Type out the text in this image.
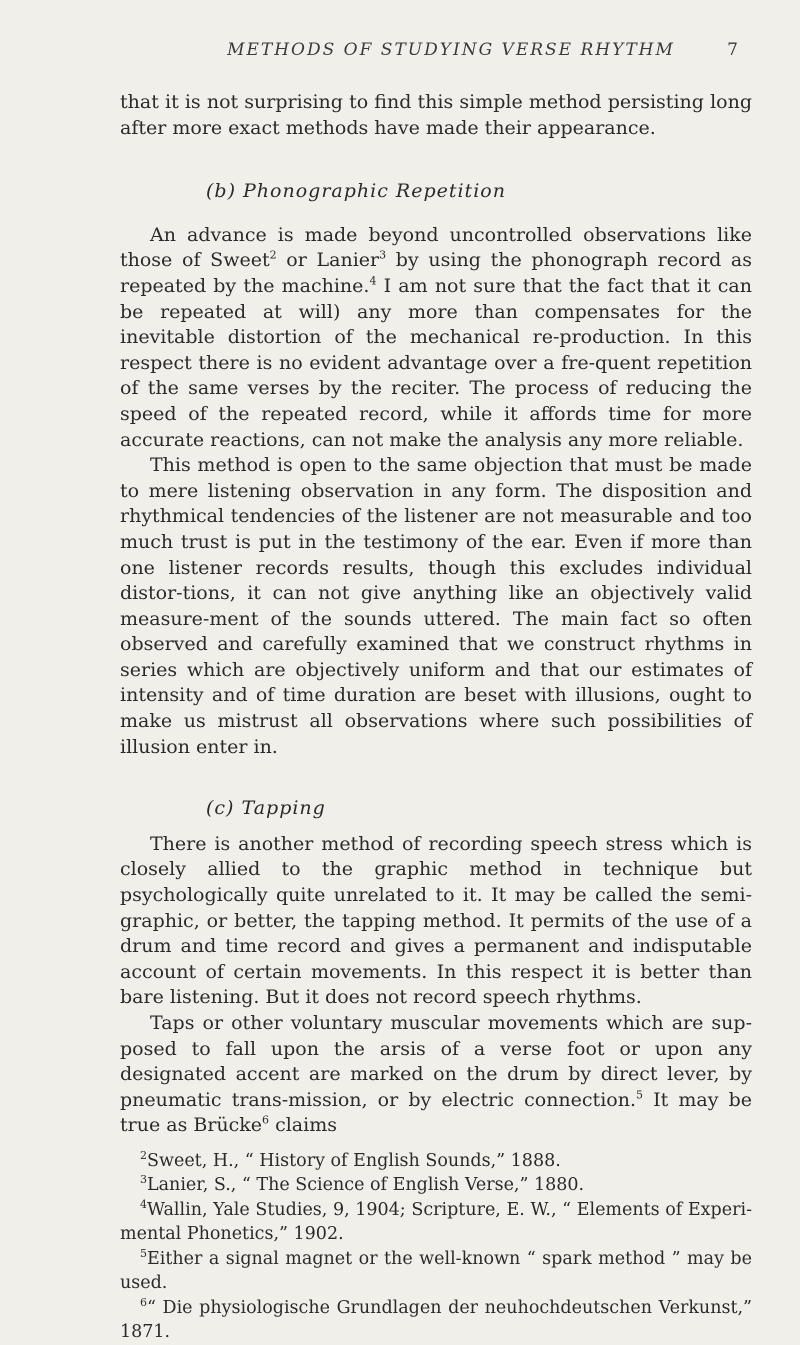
METHODS OF STUDYING VERSE RHYTHM	7

that it is not surprising to find this simple method persisting long after more exact methods have made their appearance.

(b) Phonographic Repetition

An advance is made beyond uncontrolled observations like those of Sweet$^2$ or Lanier$^3$ by using the phonograph record as repeated by the machine.$^4$ I am not sure that the fact that it can be repeated at will) any more than compensates for the inevitable distortion of the mechanical re-production. In this respect there is no evident advantage over a fre-quent repetition of the same verses by the reciter. The process of reducing the speed of the repeated record, while it affords time for more accurate reactions, can not make the analysis any more reliable.

This method is open to the same objection that must be made to mere listening observation in any form. The disposition and rhythmical tendencies of the listener are not measurable and too much trust is put in the testimony of the ear. Even if more than one listener records results, though this excludes individual distor-tions, it can not give anything like an objectively valid measure-ment of the sounds uttered. The main fact so often observed and carefully examined that we construct rhythms in series which are objectively uniform and that our estimates of intensity and of time duration are beset with illusions, ought to make us mistrust all observations where such possibilities of illusion enter in.

(c) Tapping

There is another method of recording speech stress which is closely allied to the graphic method in technique but psychologically quite unrelated to it. It may be called the semi-graphic, or better, the tapping method. It permits of the use of a drum and time record and gives a permanent and indisputable account of certain movements. In this respect it is better than bare listening. But it does not record speech rhythms.

Taps or other voluntary muscular movements which are sup-posed to fall upon the arsis of a verse foot or upon any designated accent are marked on the drum by direct lever, by pneumatic trans-mission, or by electric connection.$^5$ It may be true as Brücke$^6$ claims

$^2$Sweet, H., “ History of English Sounds,” 1888.

$^3$Lanier, S., “ The Science of English Verse,” 1880.

$^4$Wallin, Yale Studies, 9, 1904; Scripture, E. W., “ Elements of Experi-mental Phonetics,” 1902.

$^5$Either a signal magnet or the well-known “ spark method ” may be used.

$^6$“ Die physiologische Grundlagen der neuhochdeutschen Verkunst,” 1871.
